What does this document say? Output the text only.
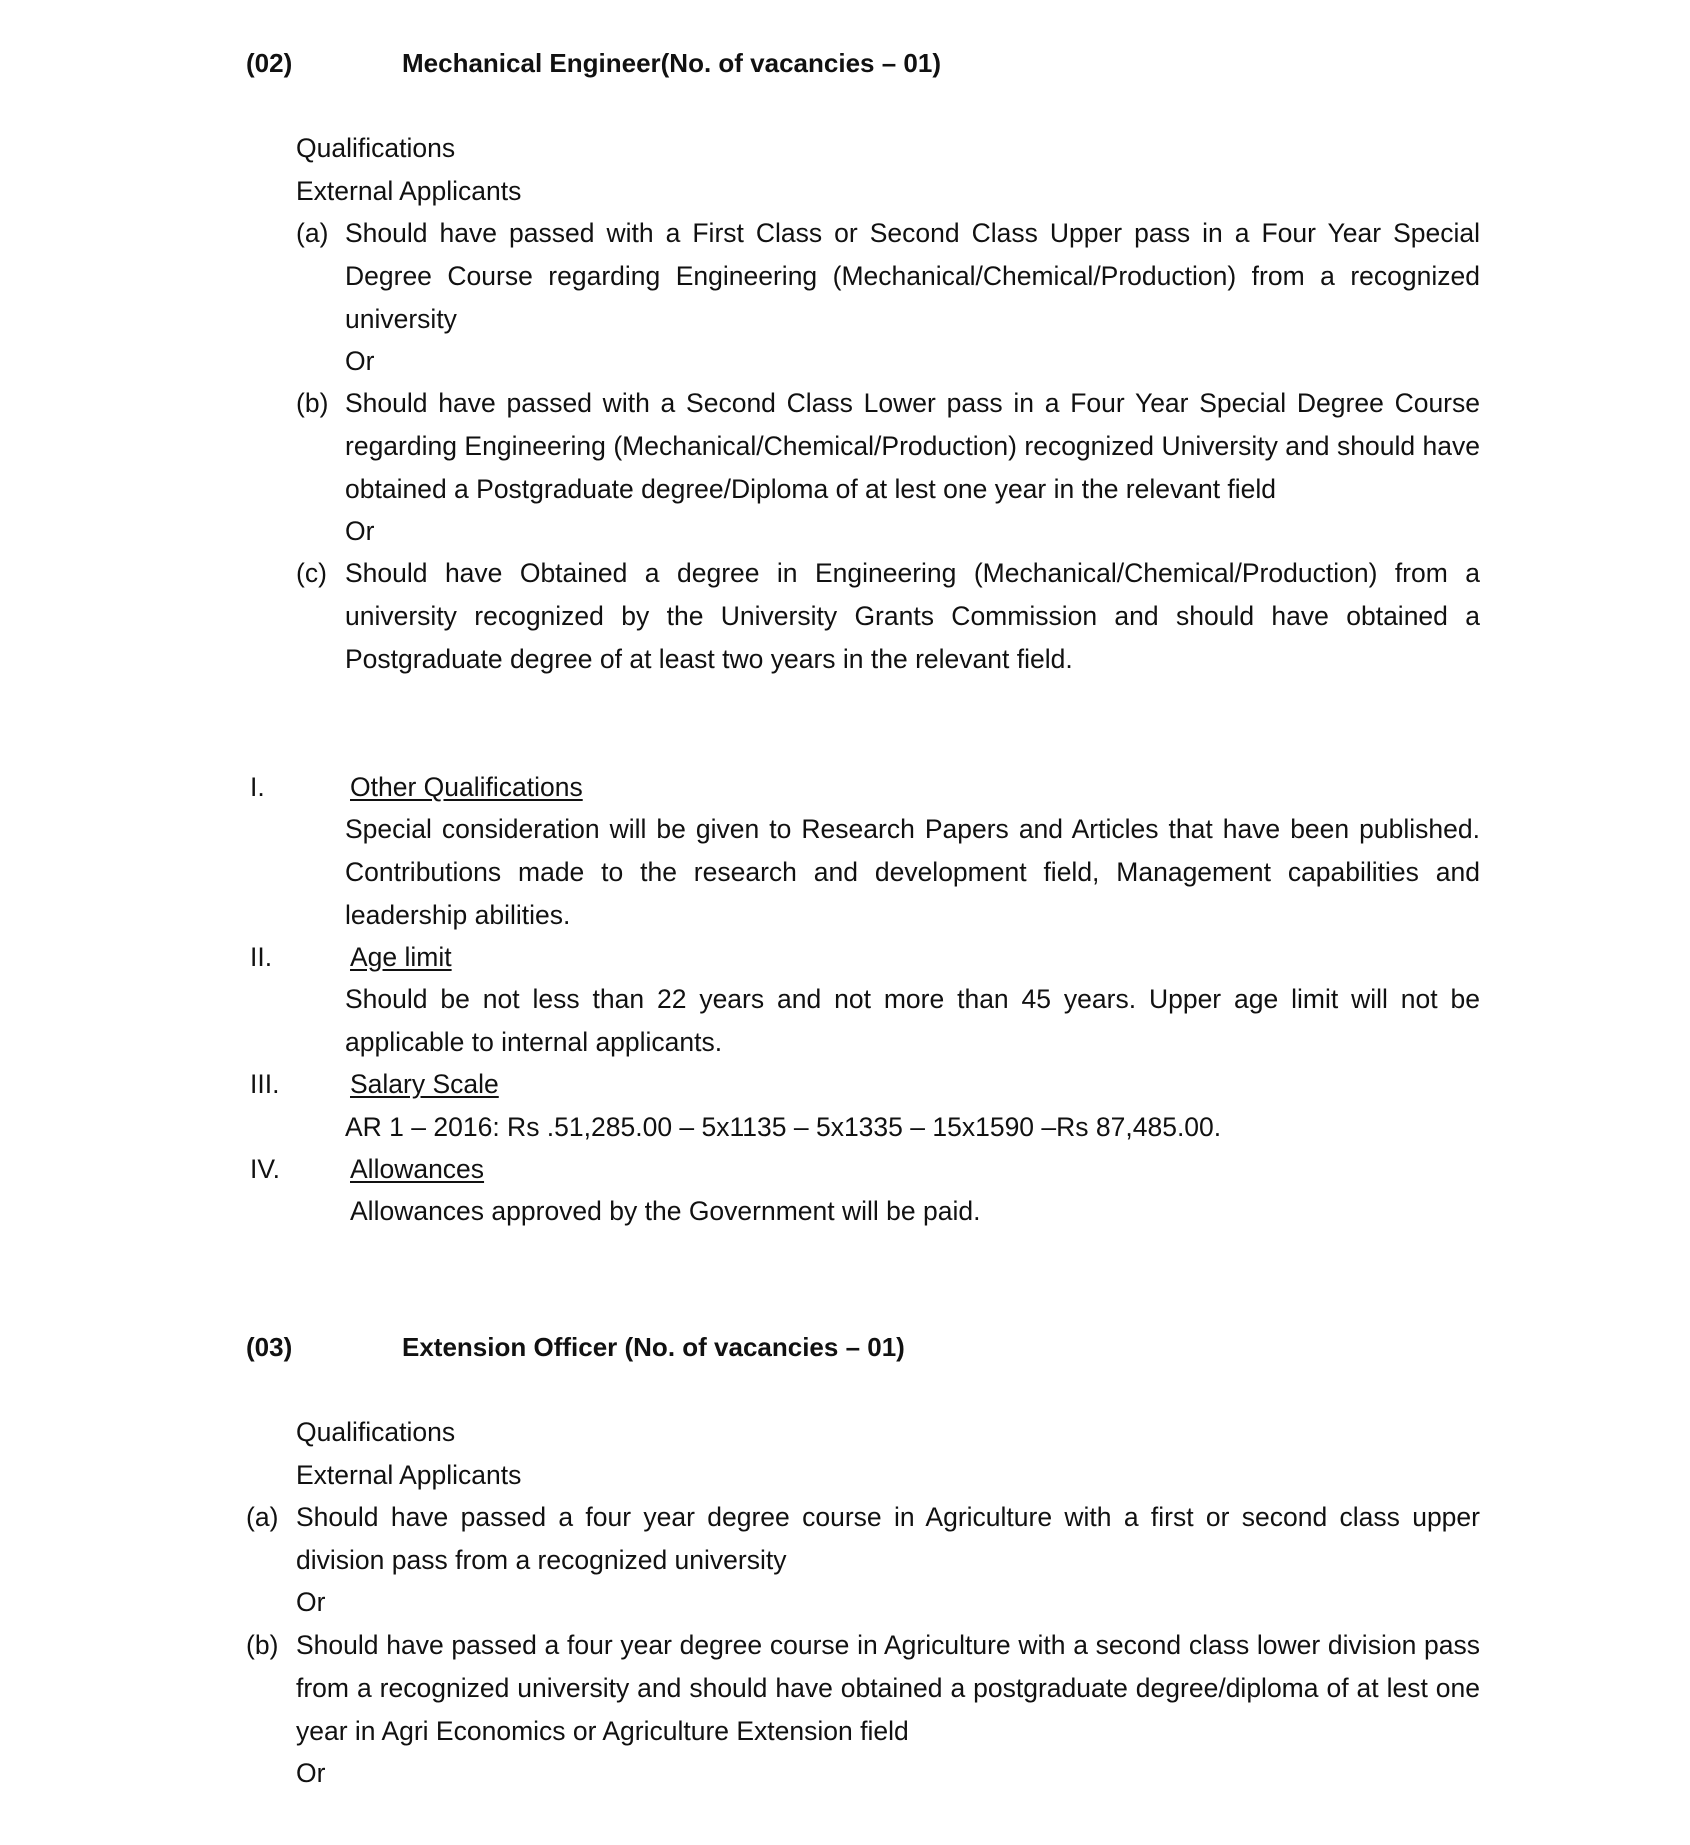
(02)	Mechanical Engineer(No. of vacancies – 01)
Qualifications
External Applicants
(a) Should have passed with a First Class or Second Class Upper pass in a Four Year Special Degree Course regarding Engineering (Mechanical/Chemical/Production) from a recognized university
Or
(b) Should have passed with a Second Class Lower pass in a Four Year Special Degree Course regarding Engineering (Mechanical/Chemical/Production) recognized University and should have obtained a Postgraduate degree/Diploma of at lest one year in the relevant field
Or
(c) Should have Obtained a degree in Engineering (Mechanical/Chemical/Production) from a university recognized by the University Grants Commission and should have obtained a Postgraduate degree of at least two years in the relevant field.
I.	Other Qualifications
Special consideration will be given to Research Papers and Articles that have been published. Contributions made to the research and development field, Management capabilities and leadership abilities.
II.	Age limit
Should be not less than 22 years and not more than 45 years. Upper age limit will not be applicable to internal applicants.
III.	Salary Scale
AR 1 – 2016: Rs .51,285.00 – 5x1135 – 5x1335 – 15x1590 –Rs 87,485.00.
IV.	Allowances
Allowances approved by the Government will be paid.
(03)	Extension Officer (No. of vacancies – 01)
Qualifications
External Applicants
(a) Should have passed a four year degree course in Agriculture with a first or second class upper division pass from a recognized university
Or
(b) Should have passed a four year degree course in Agriculture with a second class lower division pass from a recognized university and should have obtained a postgraduate degree/diploma of at lest one year in Agri Economics or Agriculture Extension field
Or
